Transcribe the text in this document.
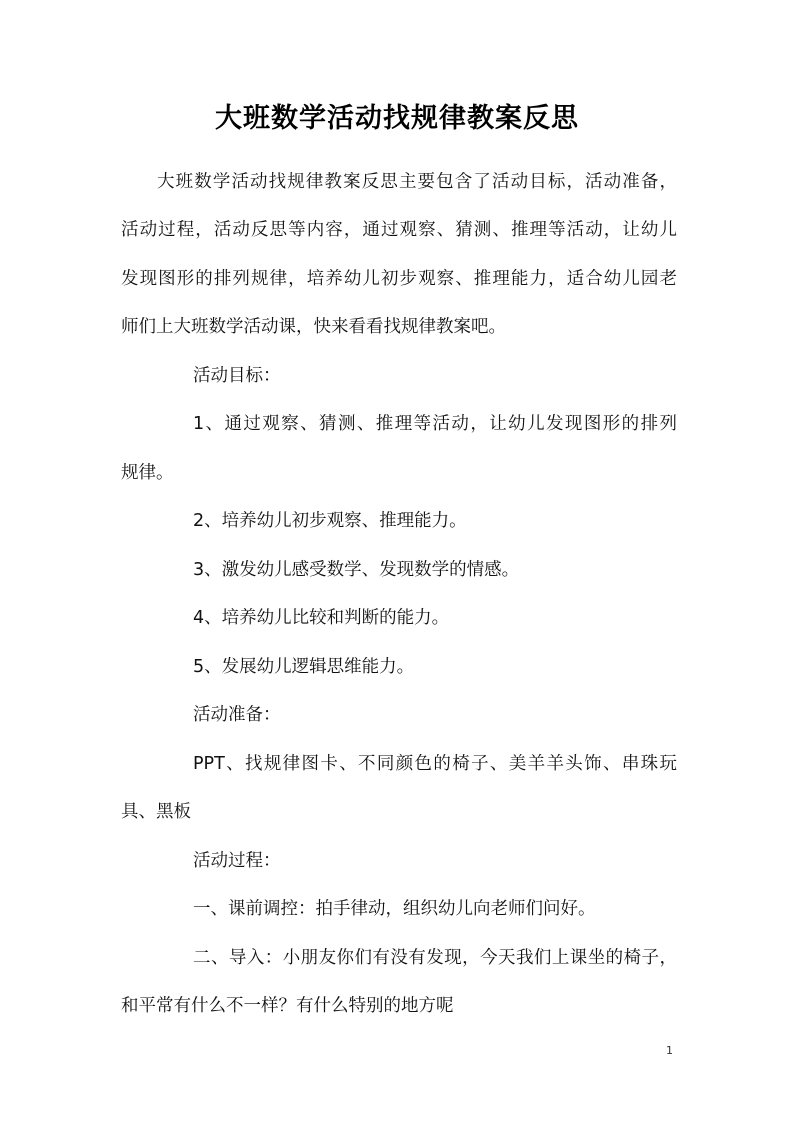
大班数学活动找规律教案反思
大班数学活动找规律教案反思主要包含了活动目标，活动准备，
活动过程，活动反思等内容，通过观察、猜测、推理等活动，让幼儿
发现图形的排列规律，培养幼儿初步观察、推理能力，适合幼儿园老
师们上大班数学活动课，快来看看找规律教案吧。
活动目标：
1、通过观察、猜测、推理等活动，让幼儿发现图形的排列
规律。
2、培养幼儿初步观察、推理能力。
3、激发幼儿感受数学、发现数学的情感。
4、培养幼儿比较和判断的能力。
5、发展幼儿逻辑思维能力。
活动准备：
PPT、找规律图卡、不同颜色的椅子、美羊羊头饰、串珠玩
具、黑板
活动过程：
一、课前调控：拍手律动，组织幼儿向老师们问好。
二、导入：小朋友你们有没有发现，今天我们上课坐的椅子，
和平常有什么不一样？有什么特别的地方呢
1
